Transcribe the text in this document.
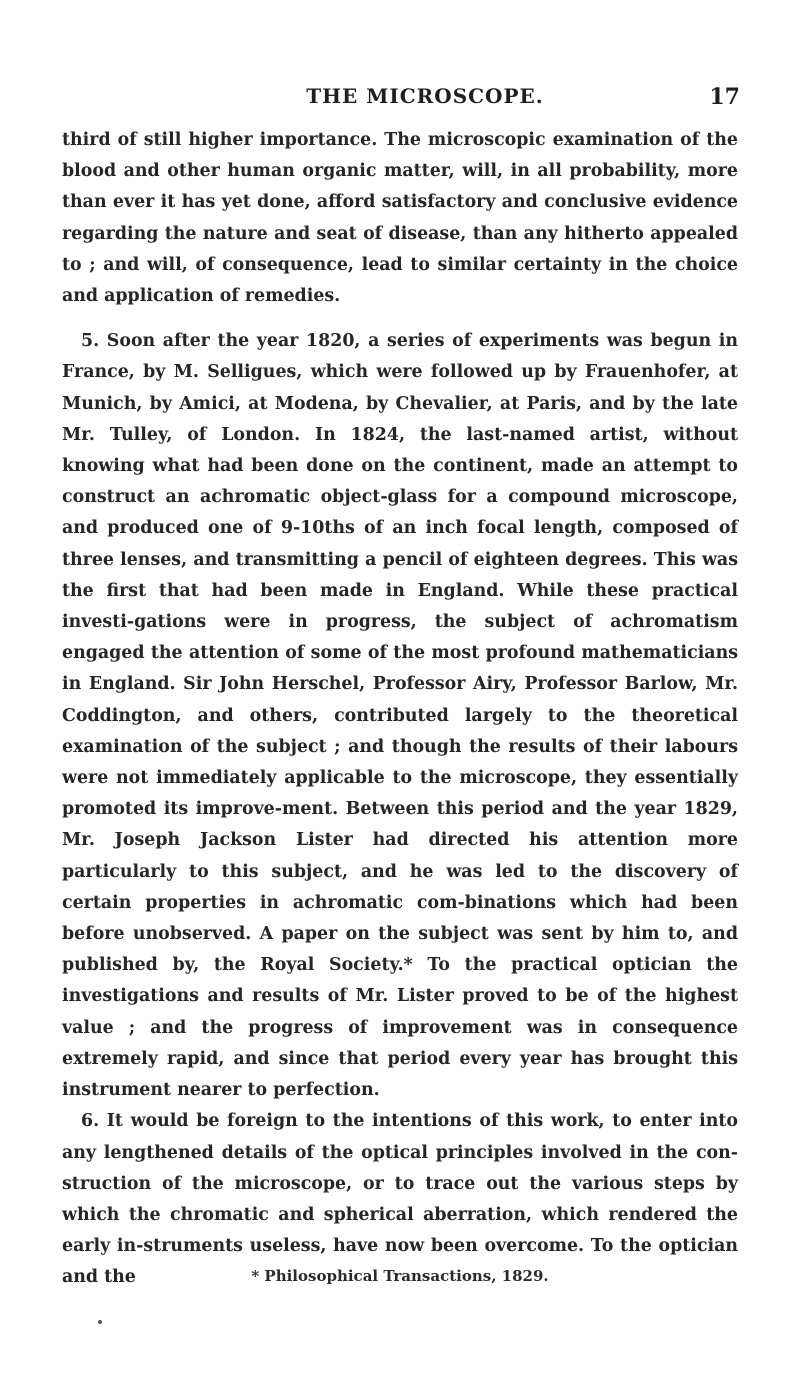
THE MICROSCOPE.	17

third of still higher importance. The microscopic examination of the blood and other human organic matter, will, in all probability, more than ever it has yet done, afford satisfactory and conclusive evidence regarding the nature and seat of disease, than any hitherto appealed to ; and will, of consequence, lead to similar certainty in the choice and application of remedies.

5. Soon after the year 1820, a series of experiments was begun in France, by M. Selligues, which were followed up by Frauenhofer, at Munich, by Amici, at Modena, by Chevalier, at Paris, and by the late Mr. Tulley, of London. In 1824, the last-named artist, without knowing what had been done on the continent, made an attempt to construct an achromatic object-glass for a compound microscope, and produced one of 9-10ths of an inch focal length, composed of three lenses, and transmitting a pencil of eighteen degrees. This was the first that had been made in England. While these practical investi-gations were in progress, the subject of achromatism engaged the attention of some of the most profound mathematicians in England. Sir John Herschel, Professor Airy, Professor Barlow, Mr. Coddington, and others, contributed largely to the theoretical examination of the subject ; and though the results of their labours were not immediately applicable to the microscope, they essentially promoted its improve-ment. Between this period and the year 1829, Mr. Joseph Jackson Lister had directed his attention more particularly to this subject, and he was led to the discovery of certain properties in achromatic com-binations which had been before unobserved. A paper on the subject was sent by him to, and published by, the Royal Society.* To the practical optician the investigations and results of Mr. Lister proved to be of the highest value ; and the progress of improvement was in consequence extremely rapid, and since that period every year has brought this instrument nearer to perfection.

6. It would be foreign to the intentions of this work, to enter into any lengthened details of the optical principles involved in the con-struction of the microscope, or to trace out the various steps by which the chromatic and spherical aberration, which rendered the early in-struments useless, have now been overcome. To the optician and the	* Philosophical Transactions, 1829.
